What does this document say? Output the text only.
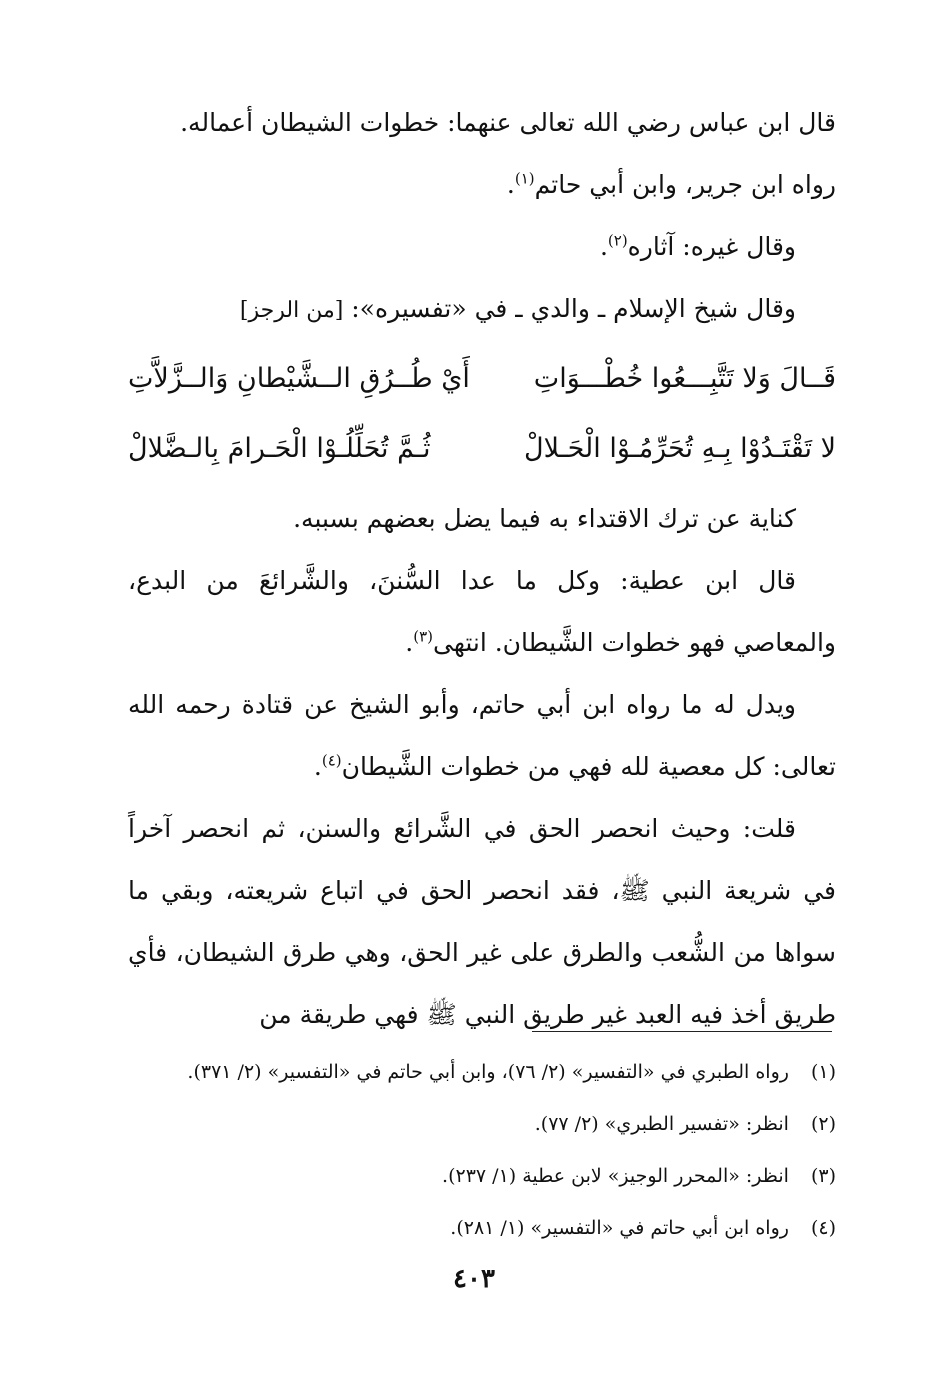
قال ابن عباس رضي الله تعالى عنهما: خطوات الشيطان أعماله.
رواه ابن جرير، وابن أبي حاتم$^{(١)}$.

وقال غيره: آثاره$^{(٢)}$.

وقال شيخ الإسلام ـ والدي ـ في «تفسيره»: [من الرجز]

قَــالَ وَلا تَتَّبِـــعُوا خُطْـــوَاتِ
أَيْ طُــرُقِ الــشَّيْطانِ وَالــزَّلاَّتِ
لا تَقْتَـدُوْا بِـهِ تُحَرِّمُـوْا الْحَـلالْ
ثُـمَّ تُحَلِّلُـوْا الْحَـرامَ بِالـضَّلالْ

كناية عن ترك الاقتداء به فيما يضل بعضهم بسببه.

قال ابن عطية: وكل ما عدا السُّننَ، والشَّرائعَ من البدع، والمعاصي فهو خطوات الشَّيطان. انتهى$^{(٣)}$.

ويدل له ما رواه ابن أبي حاتم، وأبو الشيخ عن قتادة رحمه الله تعالى: كل معصية لله فهي من خطوات الشَّيطان$^{(٤)}$.

قلت: وحيث انحصر الحق في الشَّرائع والسنن، ثم انحصر آخراً في شريعة النبي ﷺ، فقد انحصر الحق في اتباع شريعته، وبقي ما سواها من الشُّعب والطرق على غير الحق، وهي طرق الشيطان، فأي طريق أخذ فيه العبد غير طريق النبي ﷺ فهي طريقة من

(١)
رواه الطبري في «التفسير» (٢/ ٧٦)، وابن أبي حاتم في «التفسير» (٢/ ٣٧١).
(٢)
انظر: «تفسير الطبري» (٢/ ٧٧).
(٣)
انظر: «المحرر الوجيز» لابن عطية (١/ ٢٣٧).
(٤)
رواه ابن أبي حاتم في «التفسير» (١/ ٢٨١).
٤٠٣
